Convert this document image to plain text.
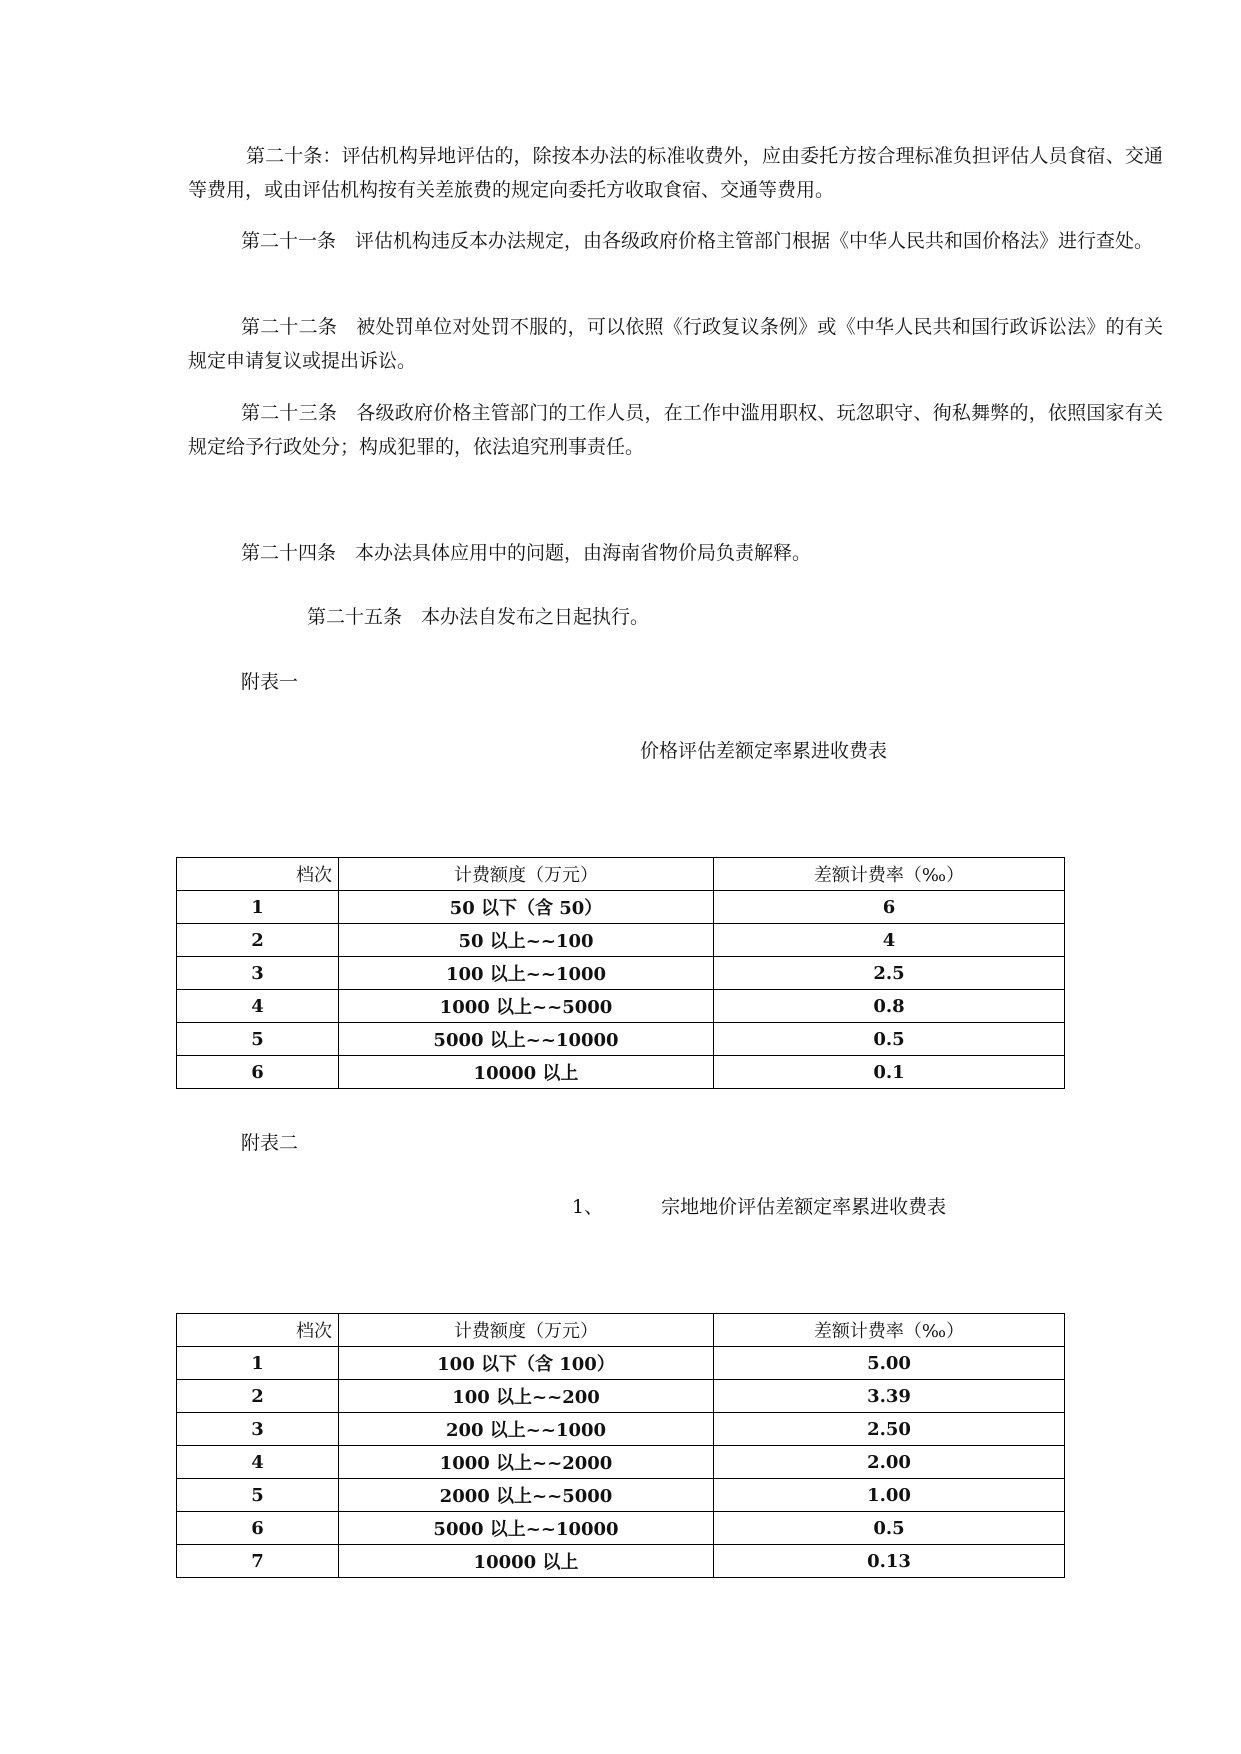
第二十条：评估机构异地评估的，除按本办法的标准收费外，应由委托方按合理标准负担评估人员食宿、交通等费用，或由评估机构按有关差旅费的规定向委托方收取食宿、交通等费用。

第二十一条　评估机构违反本办法规定，由各级政府价格主管部门根据《中华人民共和国价格法》进行查处。

第二十二条　被处罚单位对处罚不服的，可以依照《行政复议条例》或《中华人民共和国行政诉讼法》的有关规定申请复议或提出诉讼。

第二十三条　各级政府价格主管部门的工作人员，在工作中滥用职权、玩忽职守、徇私舞弊的，依照国家有关规定给予行政处分；构成犯罪的，依法追究刑事责任。

第二十四条　本办法具体应用中的问题，由海南省物价局负责解释。

第二十五条　本办法自发布之日起执行。

附表一

价格评估差额定率累进收费表

档次	计费额度（万元）	差额计费率（‰）
1	50 以下（含 50）	6
2	50 以上~~100	4
3	100 以上~~1000	2.5
4	1000 以上~~5000	0.8
5	5000 以上~~10000	0.5
6	10000 以上	0.1

附表二

1、	宗地地价评估差额定率累进收费表

档次	计费额度（万元）	差额计费率（‰）
1	100 以下（含 100）	5.00
2	100 以上~~200	3.39
3	200 以上~~1000	2.50
4	1000 以上~~2000	2.00
5	2000 以上~~5000	1.00
6	5000 以上~~10000	0.5
7	10000 以上	0.13
